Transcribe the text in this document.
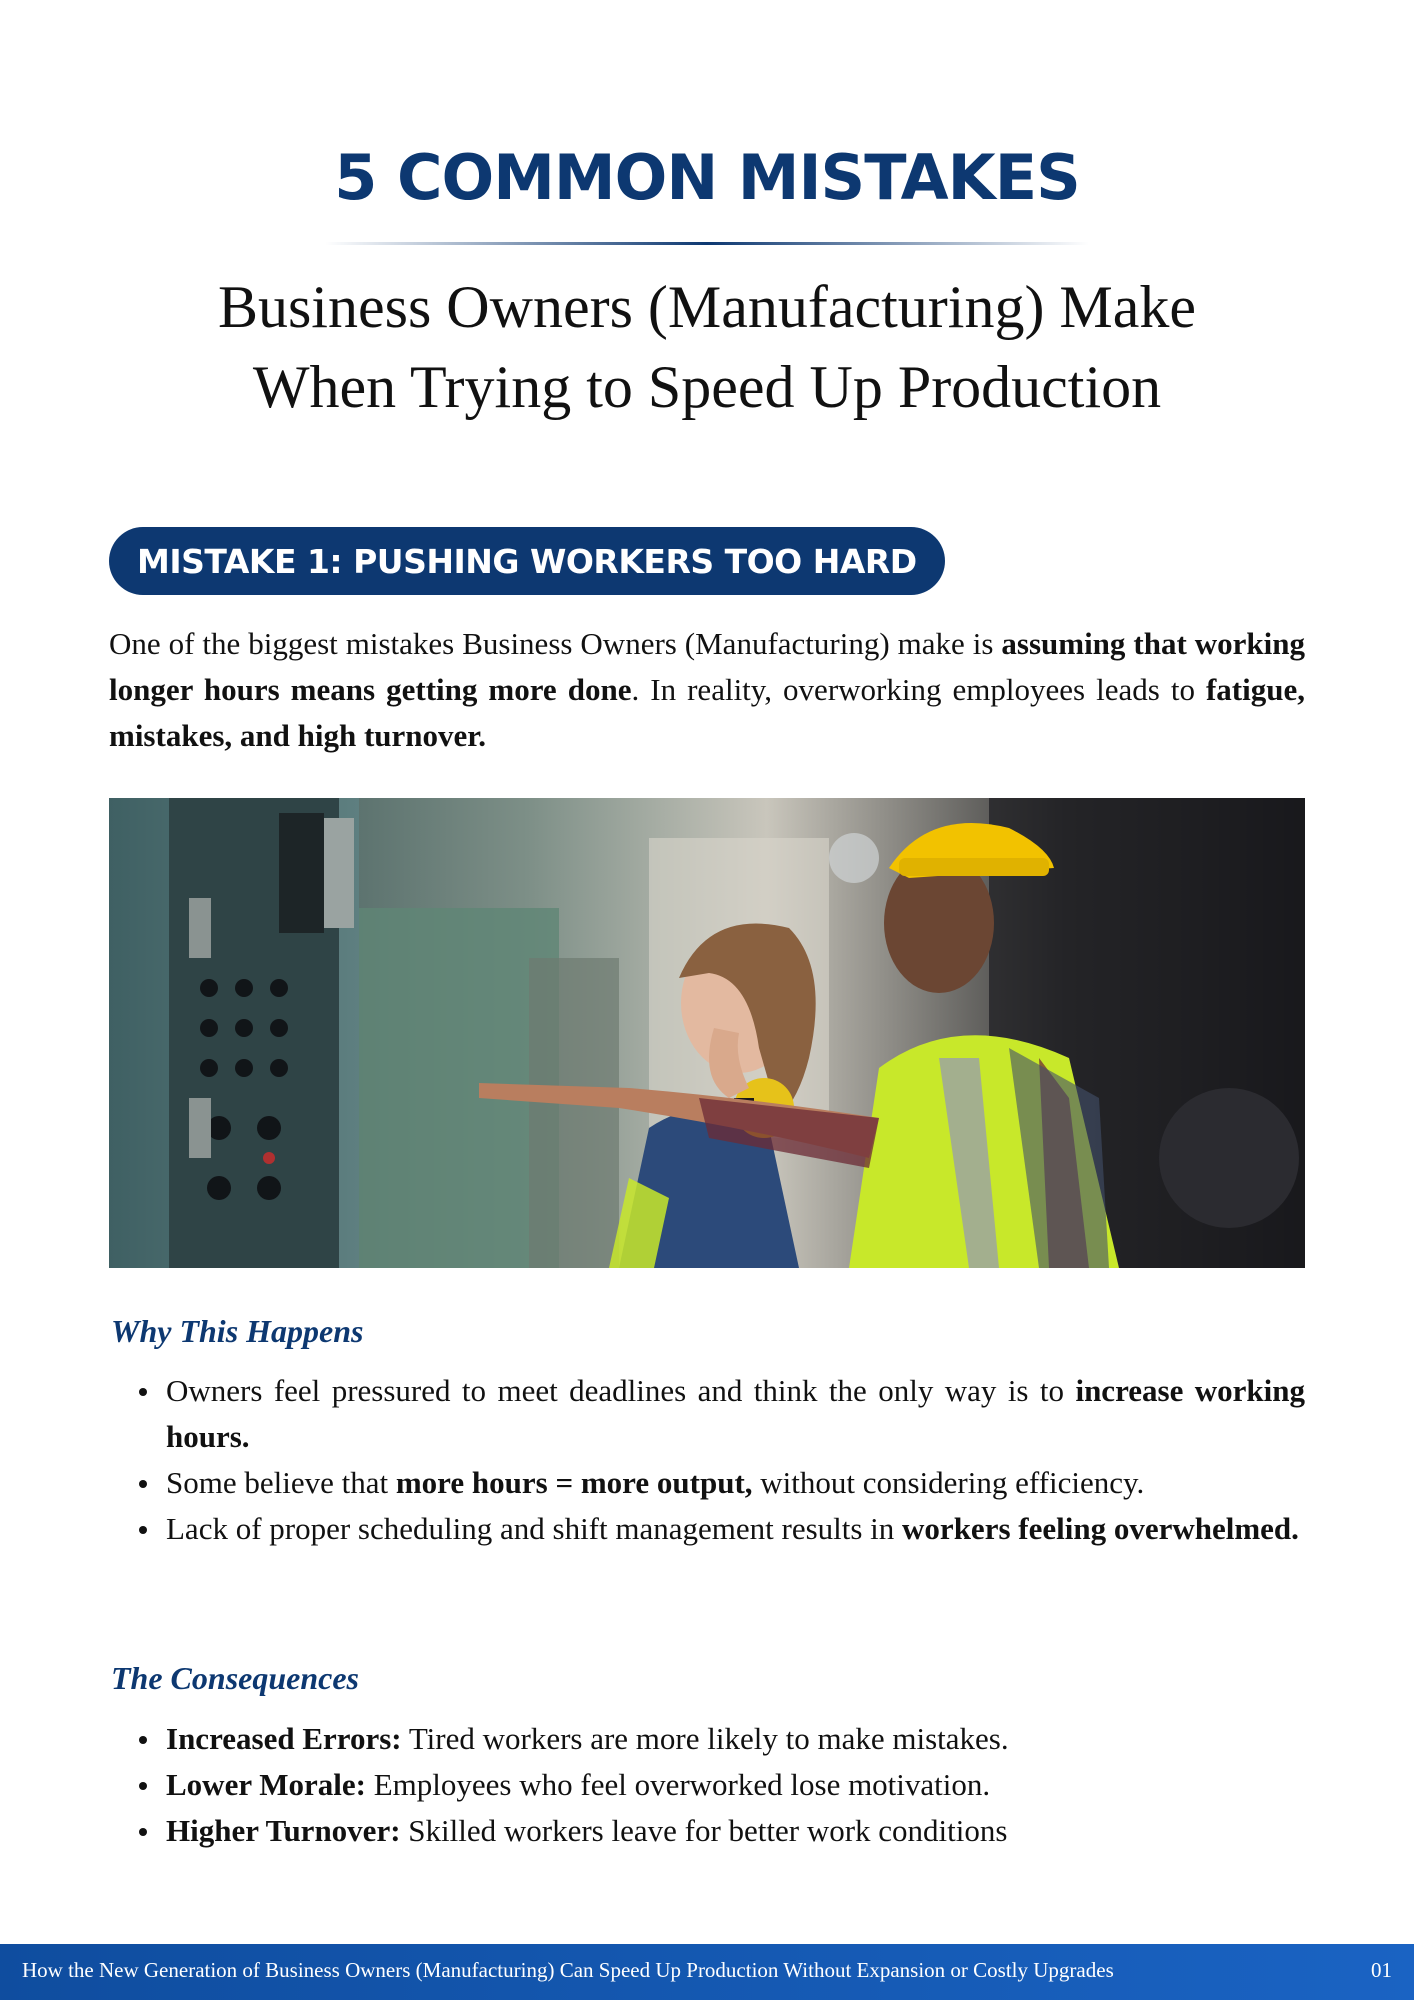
5 COMMON MISTAKES
Business Owners (Manufacturing) Make
When Trying to Speed Up Production
MISTAKE 1: PUSHING WORKERS TOO HARD

One of the biggest mistakes Business Owners (Manufacturing) make is assuming that working longer hours means getting more done. In reality, overworking employees leads to fatigue, mistakes, and high turnover.

Why This Happens
Owners feel pressured to meet deadlines and think the only way is to increase working hours.
Some believe that more hours = more output, without considering efficiency.
Lack of proper scheduling and shift management results in workers feeling overwhelmed.
The Consequences
Increased Errors: Tired workers are more likely to make mistakes.
Lower Morale: Employees who feel overworked lose motivation.
Higher Turnover: Skilled workers leave for better work conditions
How the New Generation of Business Owners (Manufacturing) Can Speed Up Production Without Expansion or Costly Upgrades	01
